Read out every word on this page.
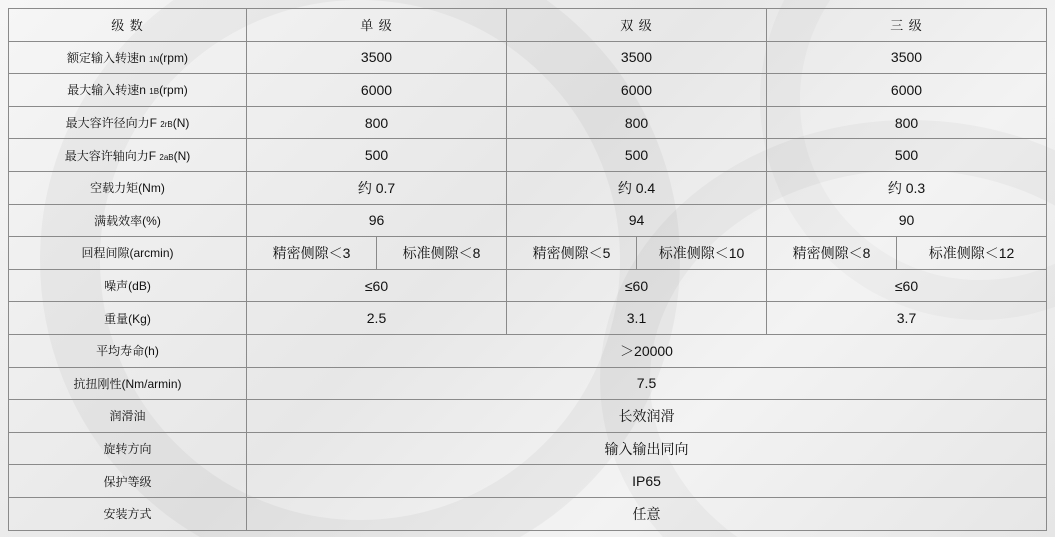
级 数	单 级		双 级		三 级	
额定输入转速n 1N(rpm)	3500		3500		3500	
最大输入转速n 1B(rpm)	6000		6000		6000	
最大容许径向力F 2rB(N)	800		800		800	
最大容许轴向力F 2aB(N)	500		500		500	
空载力矩(Nm)	约 0.7		约 0.4		约 0.3	
满载效率(%)	96		94		90	
回程间隙(arcmin)	精密侧隙＜3	标准侧隙＜8	精密侧隙＜5	标准侧隙＜10	精密侧隙＜8	标准侧隙＜12
噪声(dB)	≤60		≤60		≤60	
重量(Kg)	2.5		3.1		3.7	
平均寿命(h)	＞20000					
抗扭刚性(Nm/armin)	7.5					
润滑油	长效润滑					
旋转方向	输入输出同向					
保护等级	IP65					
安装方式	任意					
